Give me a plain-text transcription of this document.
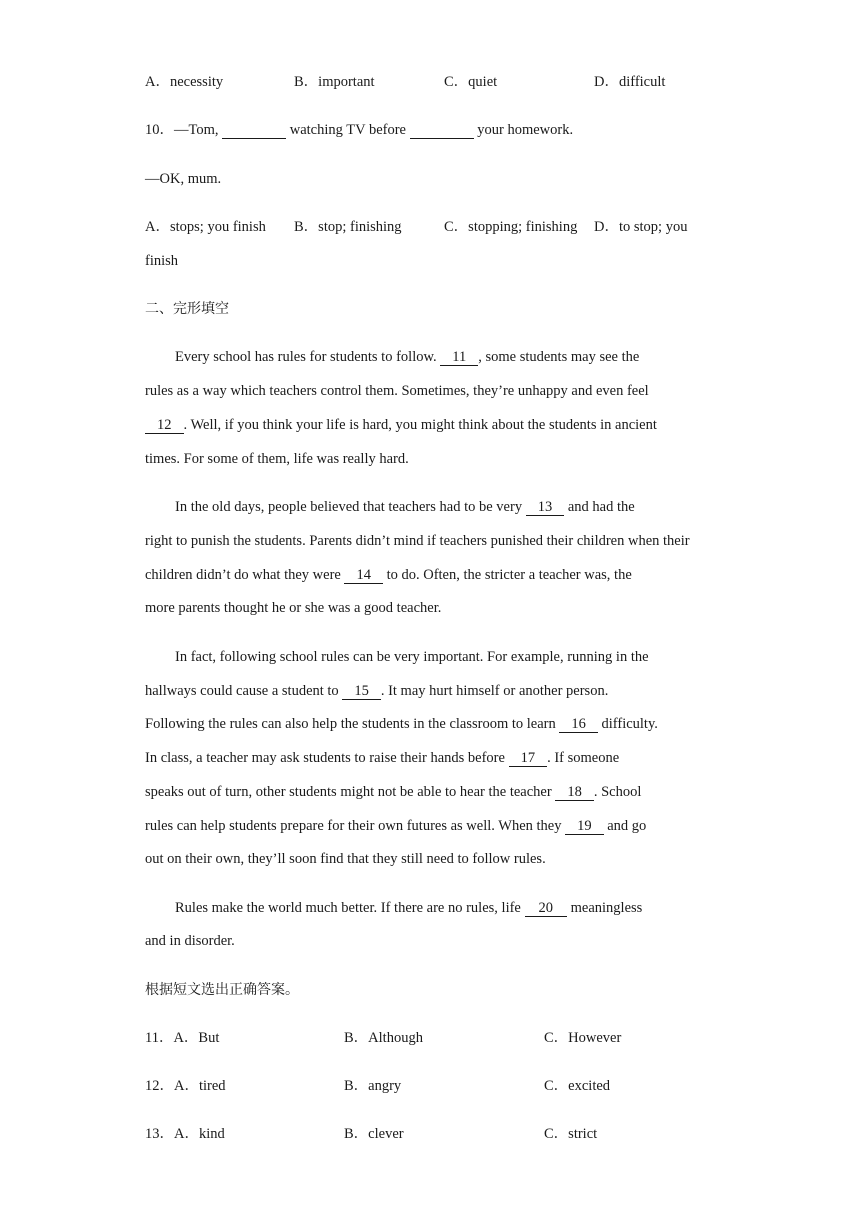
A．necessity	B．important	C．quiet	D．difficult
10．—Tom,	watching TV before	your homework.
—OK, mum.
A．stops; you finish B．stop; finishing	C．stopping; finishing D．to stop; you
finish
二、完形填空
Every school has rules for students to follow. 11 , some students may see the
rules as a way which teachers control them. Sometimes, they’re unhappy and even feel
12 . Well, if you think your life is hard, you might think about the students in ancient
times. For some of them, life was really hard.
In the old days, people believed that teachers had to be very 13 and had the
right to punish the students. Parents didn’t mind if teachers punished their children when their
children didn’t do what they were 14 to do. Often, the stricter a teacher was, the
more parents thought he or she was a good teacher.
In fact, following school rules can be very important. For example, running in the
hallways could cause a student to 15 . It may hurt himself or another person.
Following the rules can also help the students in the classroom to learn 16 difficulty.
In class, a teacher may ask students to raise their hands before 17 . If someone
speaks out of turn, other students might not be able to hear the teacher 18 . School
rules can help students prepare for their own futures as well. When they 19 and go
out on their own, they’ll soon find that they still need to follow rules.
Rules make the world much better. If there are no rules, life 20 meaningless
and in disorder.
根据短文选出正确答案。
11．A．But	B．Although	C．However
12．A．tired	B．angry	C．excited
13．A．kind	B．clever	C．strict
